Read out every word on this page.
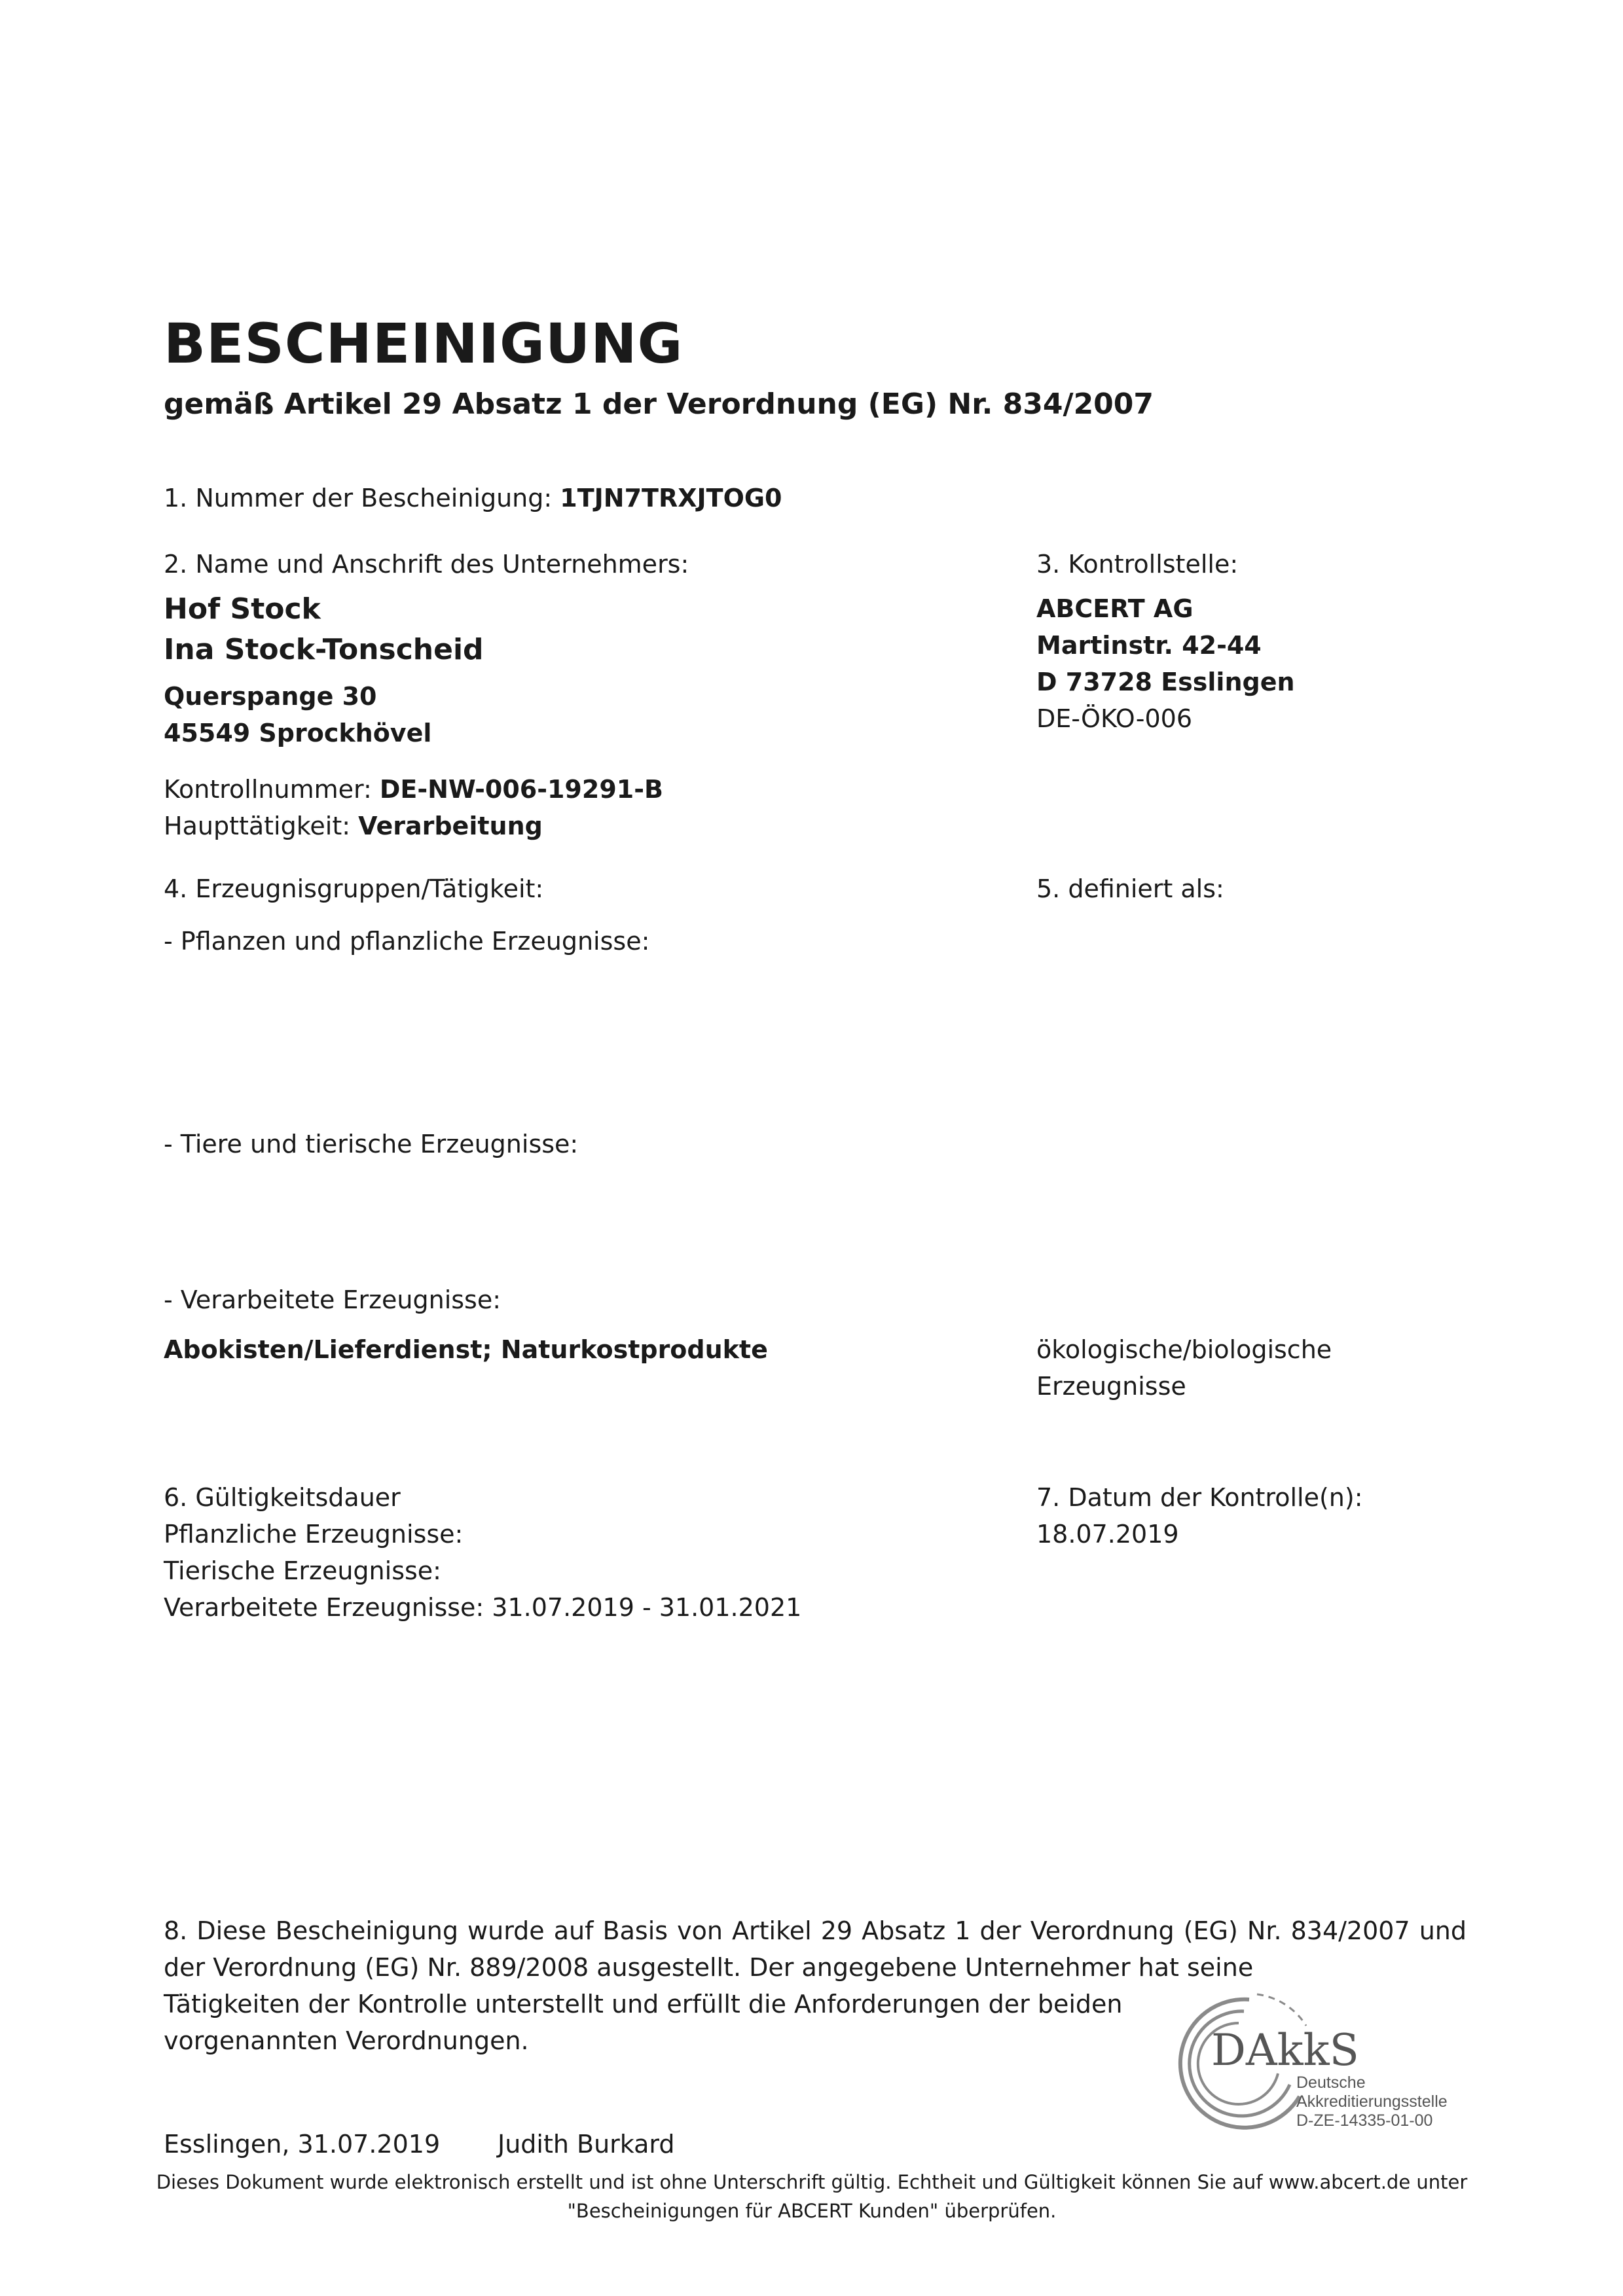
BESCHEINIGUNG
gemäß Artikel 29 Absatz 1 der Verordnung (EG) Nr. 834/2007
1. Nummer der Bescheinigung: 1TJN7TRXJTOG0
2. Name und Anschrift des Unternehmers:
Hof Stock
Ina Stock-Tonscheid
Querspange 30
45549 Sprockhövel
Kontrollnummer: DE-NW-006-19291-B
Haupttätigkeit: Verarbeitung
3. Kontrollstelle:
ABCERT AG
Martinstr. 42-44
D 73728 Esslingen
DE-ÖKO-006
4. Erzeugnisgruppen/Tätigkeit:	5. definiert als:
- Pflanzen und pflanzliche Erzeugnisse:
- Tiere und tierische Erzeugnisse:
- Verarbeitete Erzeugnisse:
Abokisten/Lieferdienst; Naturkostprodukte	ökologische/biologische
Erzeugnisse
6. Gültigkeitsdauer
Pflanzliche Erzeugnisse:
Tierische Erzeugnisse:
Verarbeitete Erzeugnisse: 31.07.2019 - 31.01.2021
7. Datum der Kontrolle(n):
18.07.2019
8. Diese Bescheinigung wurde auf Basis von Artikel 29 Absatz 1 der Verordnung (EG) Nr. 834/2007 und der Verordnung (EG) Nr. 889/2008 ausgestellt. Der angegebene Unternehmer hat seine
Tätigkeiten der Kontrolle unterstellt und erfüllt die Anforderungen der beiden
vorgenannten Verordnungen.
Esslingen, 31.07.2019 Judith Burkard
DAkkS
Deutsche
Akkreditierungsstelle
D-ZE-14335-01-00
Dieses Dokument wurde elektronisch erstellt und ist ohne Unterschrift gültig. Echtheit und Gültigkeit können Sie auf www.abcert.de unter
"Bescheinigungen für ABCERT Kunden" überprüfen.
